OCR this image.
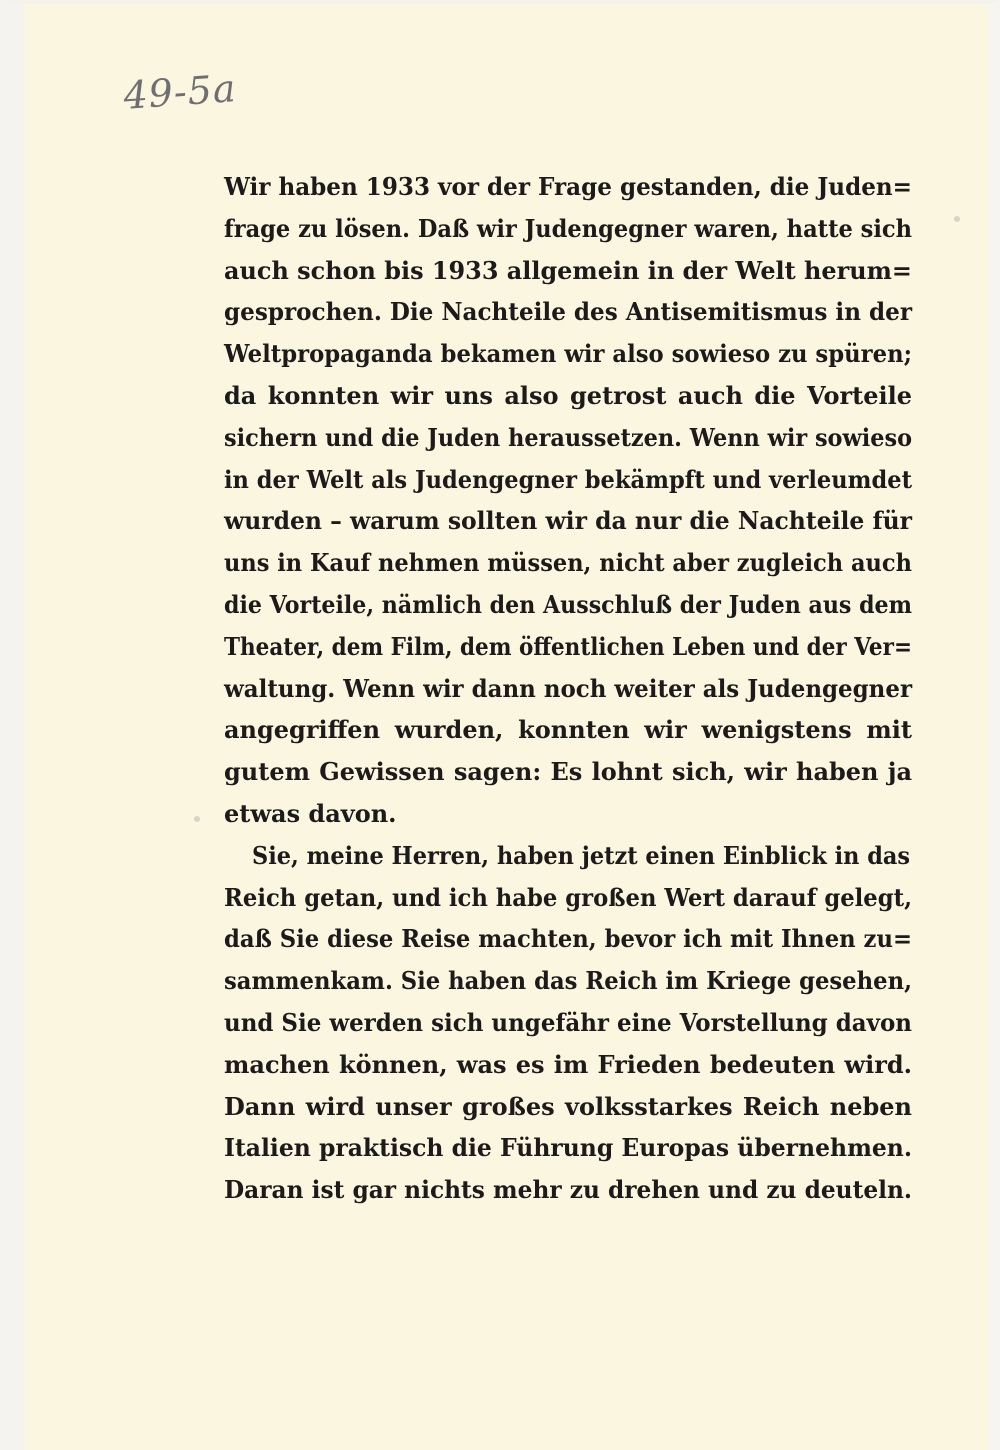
49-5a
Wir haben 1933 vor der Frage gestanden, die Juden=
frage zu lösen. Daß wir Judengegner waren, hatte sich
auch schon bis 1933 allgemein in der Welt herum=
gesprochen. Die Nachteile des Antisemitismus in der
Weltpropaganda bekamen wir also sowieso zu spüren;
da konnten wir uns also getrost auch die Vorteile
sichern und die Juden heraussetzen. Wenn wir sowieso
in der Welt als Judengegner bekämpft und verleumdet
wurden – warum sollten wir da nur die Nachteile für
uns in Kauf nehmen müssen, nicht aber zugleich auch
die Vorteile, nämlich den Ausschluß der Juden aus dem
Theater, dem Film, dem öffentlichen Leben und der Ver=
waltung. Wenn wir dann noch weiter als Judengegner
angegriffen wurden, konnten wir wenigstens mit
gutem Gewissen sagen: Es lohnt sich, wir haben ja
etwas davon.
Sie, meine Herren, haben jetzt einen Einblick in das
Reich getan, und ich habe großen Wert darauf gelegt,
daß Sie diese Reise machten, bevor ich mit Ihnen zu=
sammenkam. Sie haben das Reich im Kriege gesehen,
und Sie werden sich ungefähr eine Vorstellung davon
machen können, was es im Frieden bedeuten wird.
Dann wird unser großes volksstarkes Reich neben
Italien praktisch die Führung Europas übernehmen.
Daran ist gar nichts mehr zu drehen und zu deuteln.
